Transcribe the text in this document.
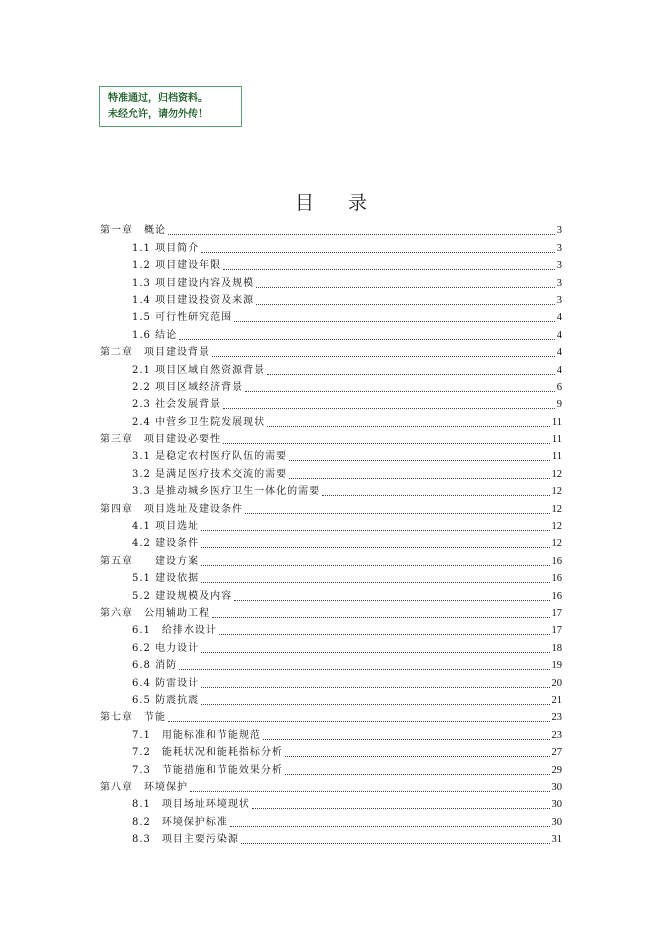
特准通过，归档资料。
未经允许，请勿外传！
目录
第一章　概论	3
1.1 项目简介	3
1.2 项目建设年限	3
1.3 项目建设内容及规模	3
1.4 项目建设投资及来源	3
1.5 可行性研究范围	4
1.6 结论	4
第二章　项目建设背景	4
2.1 项目区域自然资源背景	4
2.2 项目区域经济背景	6
2.3 社会发展背景	9
2.4 中营乡卫生院发展现状	11
第三章　项目建设必要性	11
3.1 是稳定农村医疗队伍的需要	11
3.2 是满足医疗技术交流的需要	12
3.3 是推动城乡医疗卫生一体化的需要	12
第四章　项目选址及建设条件	12
4.1 项目选址	12
4.2 建设条件	12
第五章　　建设方案	16
5.1 建设依据	16
5.2 建设规模及内容	16
第六章　公用辅助工程	17
6.1　给排水设计	17
6.2 电力设计	18
6.8 消防	19
6.4 防雷设计	20
6.5 防震抗震	21
第七章　节能	23
7.1　用能标准和节能规范	23
7.2　能耗状况和能耗指标分析	27
7.3　节能措施和节能效果分析	29
第八章　环境保护	30
8.1　项目场址环境现状	30
8.2　环境保护标准	30
8.3　项目主要污染源	31
